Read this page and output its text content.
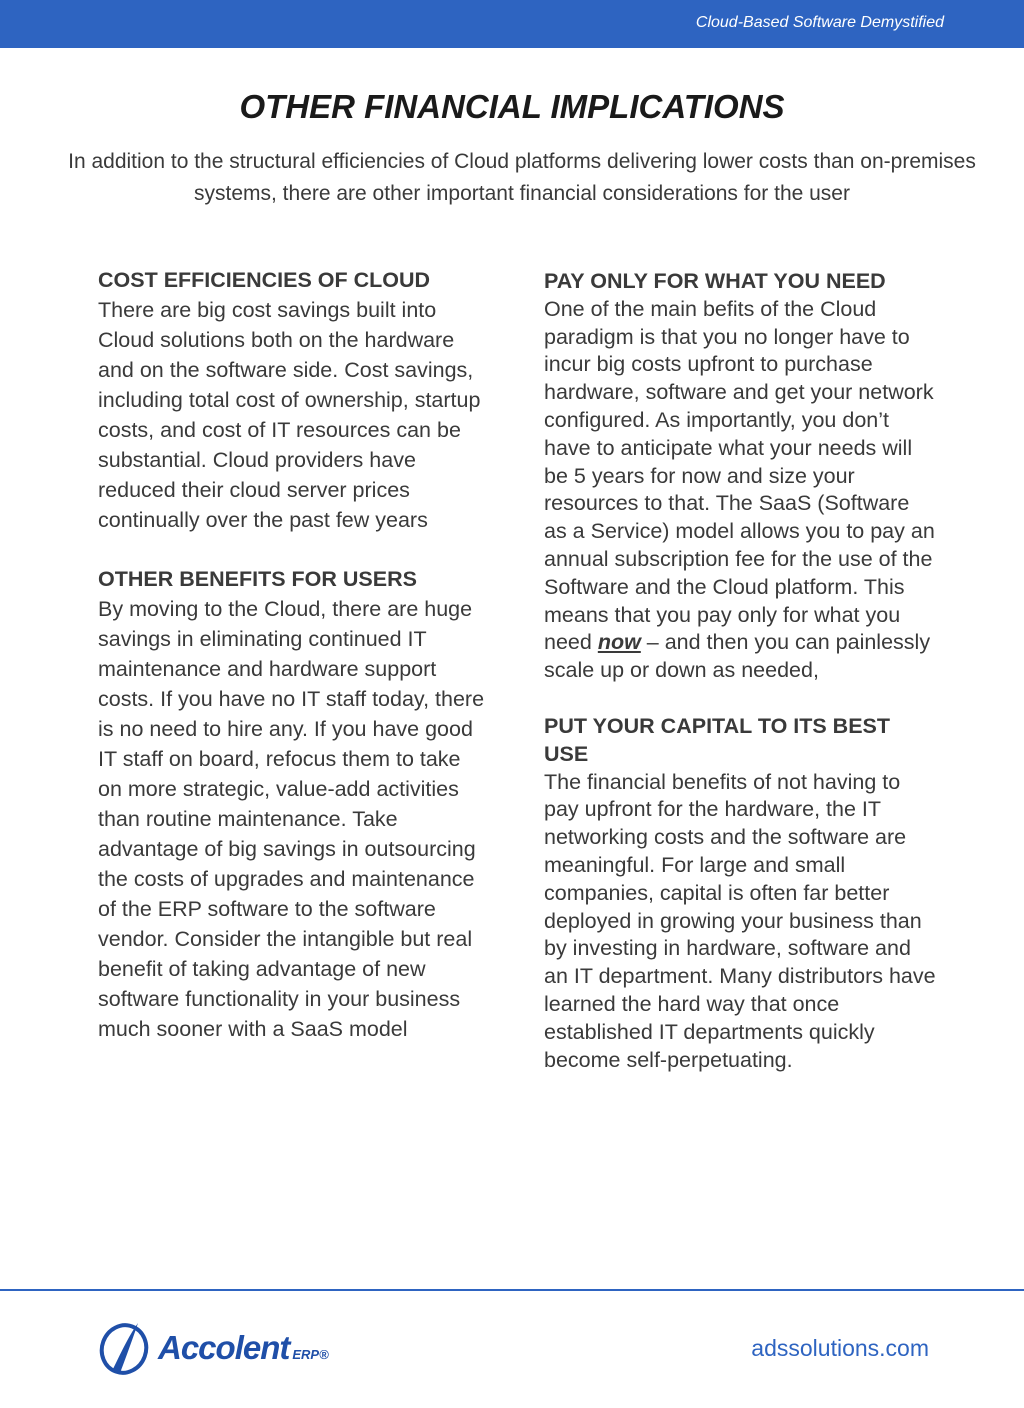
Cloud-Based Software Demystified
OTHER FINANCIAL IMPLICATIONS

In addition to the structural efficiencies of Cloud platforms delivering lower costs than on-premises systems, there are other important financial considerations for the user

COST EFFICIENCIES OF CLOUD
There are big cost savings built into Cloud solutions both on the hardware and on the software side. Cost savings, including total cost of ownership, startup costs, and cost of IT resources can be substantial. Cloud providers have reduced their cloud server prices continually over the past few years
OTHER BENEFITS FOR USERS
By moving to the Cloud, there are huge savings in eliminating continued IT maintenance and hardware support costs. If you have no IT staff today, there is no need to hire any. If you have good IT staff on board, refocus them to take on more strategic, value-add activities than routine maintenance. Take advantage of big savings in outsourcing the costs of upgrades and maintenance of the ERP software to the software vendor. Consider the intangible but real benefit of taking advantage of new software functionality in your business much sooner with a SaaS model
PAY ONLY FOR WHAT YOU NEED
One of the main befits of the Cloud paradigm is that you no longer have to incur big costs upfront to purchase hardware, software and get your network configured. As importantly, you don’t have to anticipate what your needs will be 5 years for now and size your resources to that. The SaaS (Software as a Service) model allows you to pay an annual subscription fee for the use of the Software and the Cloud platform. This means that you pay only for what you need now – and then you can painlessly scale up or down as needed,
PUT YOUR CAPITAL TO ITS BEST USE
The financial benefits of not having to pay upfront for the hardware, the IT networking costs and the software are meaningful. For large and small companies, capital is often far better deployed in growing your business than by investing in hardware, software and an IT department. Many distributors have learned the hard way that once established IT departments quickly become self-perpetuating.
Accolent ERP®	adssolutions.com
